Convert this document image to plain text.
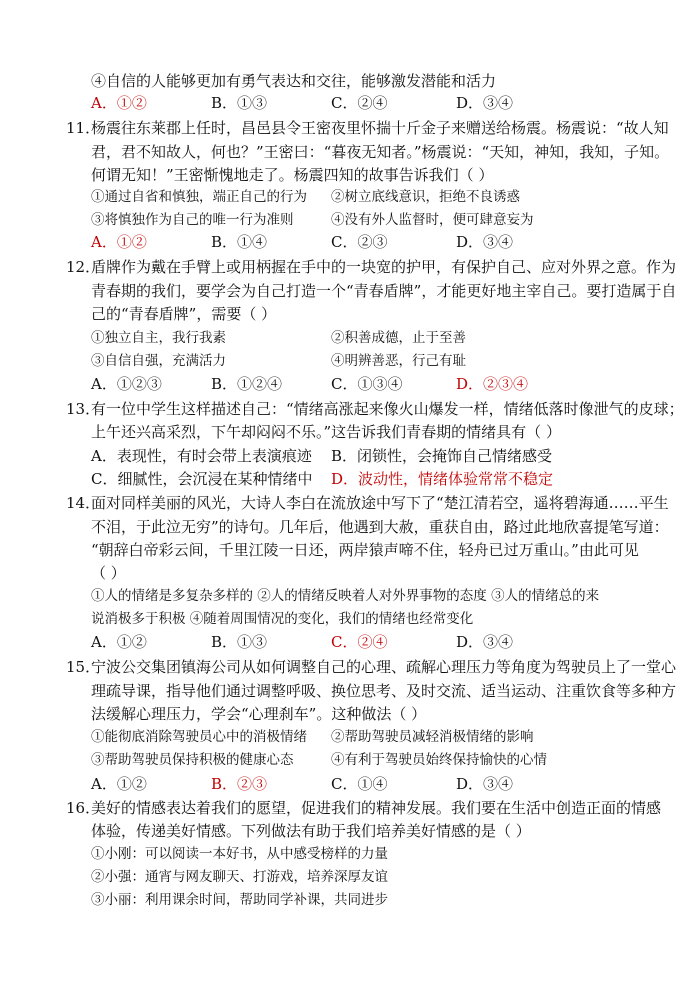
④自信的人能够更加有勇气表达和交往，能够激发潜能和活力
A．①②	B．①③	C．②④	D．③④
11．
杨震往东莱郡上任时，昌邑县令王密夜里怀揣十斤金子来赠送给杨震。杨震说：“故人知
君，君不知故人，何也？”王密曰：“暮夜无知者。”杨震说：“天知，神知，我知，子知。
何谓无知！”王密惭愧地走了。杨震四知的故事告诉我们（ ）
①通过自省和慎独，端正自己的行为 ②树立底线意识，拒绝不良诱惑
③将慎独作为自己的唯一行为准则	④没有外人监督时，便可肆意妄为
A．①②	B．①④	C．②③	D．③④
12．
盾牌作为戴在手臂上或用柄握在手中的一块宽的护甲，有保护自己、应对外界之意。作为
青春期的我们，要学会为自己打造一个“青春盾牌”，才能更好地主宰自己。要打造属于自
己的“青春盾牌”，需要（ ）
①独立自主，我行我素	②积善成德，止于至善
③自信自强，充满活力	④明辨善恶，行己有耻
A．①②③	B．①②④	C．①③④	D．②③④
13．
有一位中学生这样描述自己：“情绪高涨起来像火山爆发一样，情绪低落时像泄气的皮球；
上午还兴高采烈，下午却闷闷不乐。”这告诉我们青春期的情绪具有（ ）
A．表现性，有时会带上表演痕迹 B．闭锁性，会掩饰自己情绪感受
C．细腻性，会沉浸在某种情绪中 D．波动性，情绪体验常常不稳定
14．
面对同样美丽的风光，大诗人李白在流放途中写下了“楚江清若空，遥将碧海通……平生
不泪，于此泣无穷”的诗句。几年后，他遇到大赦，重获自由，路过此地欣喜提笔写道：
“朝辞白帝彩云间，千里江陵一日还，两岸猿声啼不住，轻舟已过万重山。”由此可见
（ ）
①人的情绪是多复杂多样的 ②人的情绪反映着人对外界事物的态度 ③人的情绪总的来
说消极多于积极 ④随着周围情况的变化，我们的情绪也经常变化
A．①②	B．①③	C．②④	D．③④
15．
宁波公交集团镇海公司从如何调整自己的心理、疏解心理压力等角度为驾驶员上了一堂心
理疏导课，指导他们通过调整呼吸、换位思考、及时交流、适当运动、注重饮食等多种方
法缓解心理压力，学会“心理刹车”。这种做法（ ）
①能彻底消除驾驶员心中的消极情绪 ②帮助驾驶员减轻消极情绪的影响
③帮助驾驶员保持积极的健康心态	④有利于驾驶员始终保持愉快的心情
A．①②	B．②③	C．①④	D．③④
16．
美好的情感表达着我们的愿望，促进我们的精神发展。我们要在生活中创造正面的情感
体验，传递美好情感。下列做法有助于我们培养美好情感的是（ ）
①小刚：可以阅读一本好书，从中感受榜样的力量
②小强：通宵与网友聊天、打游戏，培养深厚友谊
③小丽：利用课余时间，帮助同学补课，共同进步
